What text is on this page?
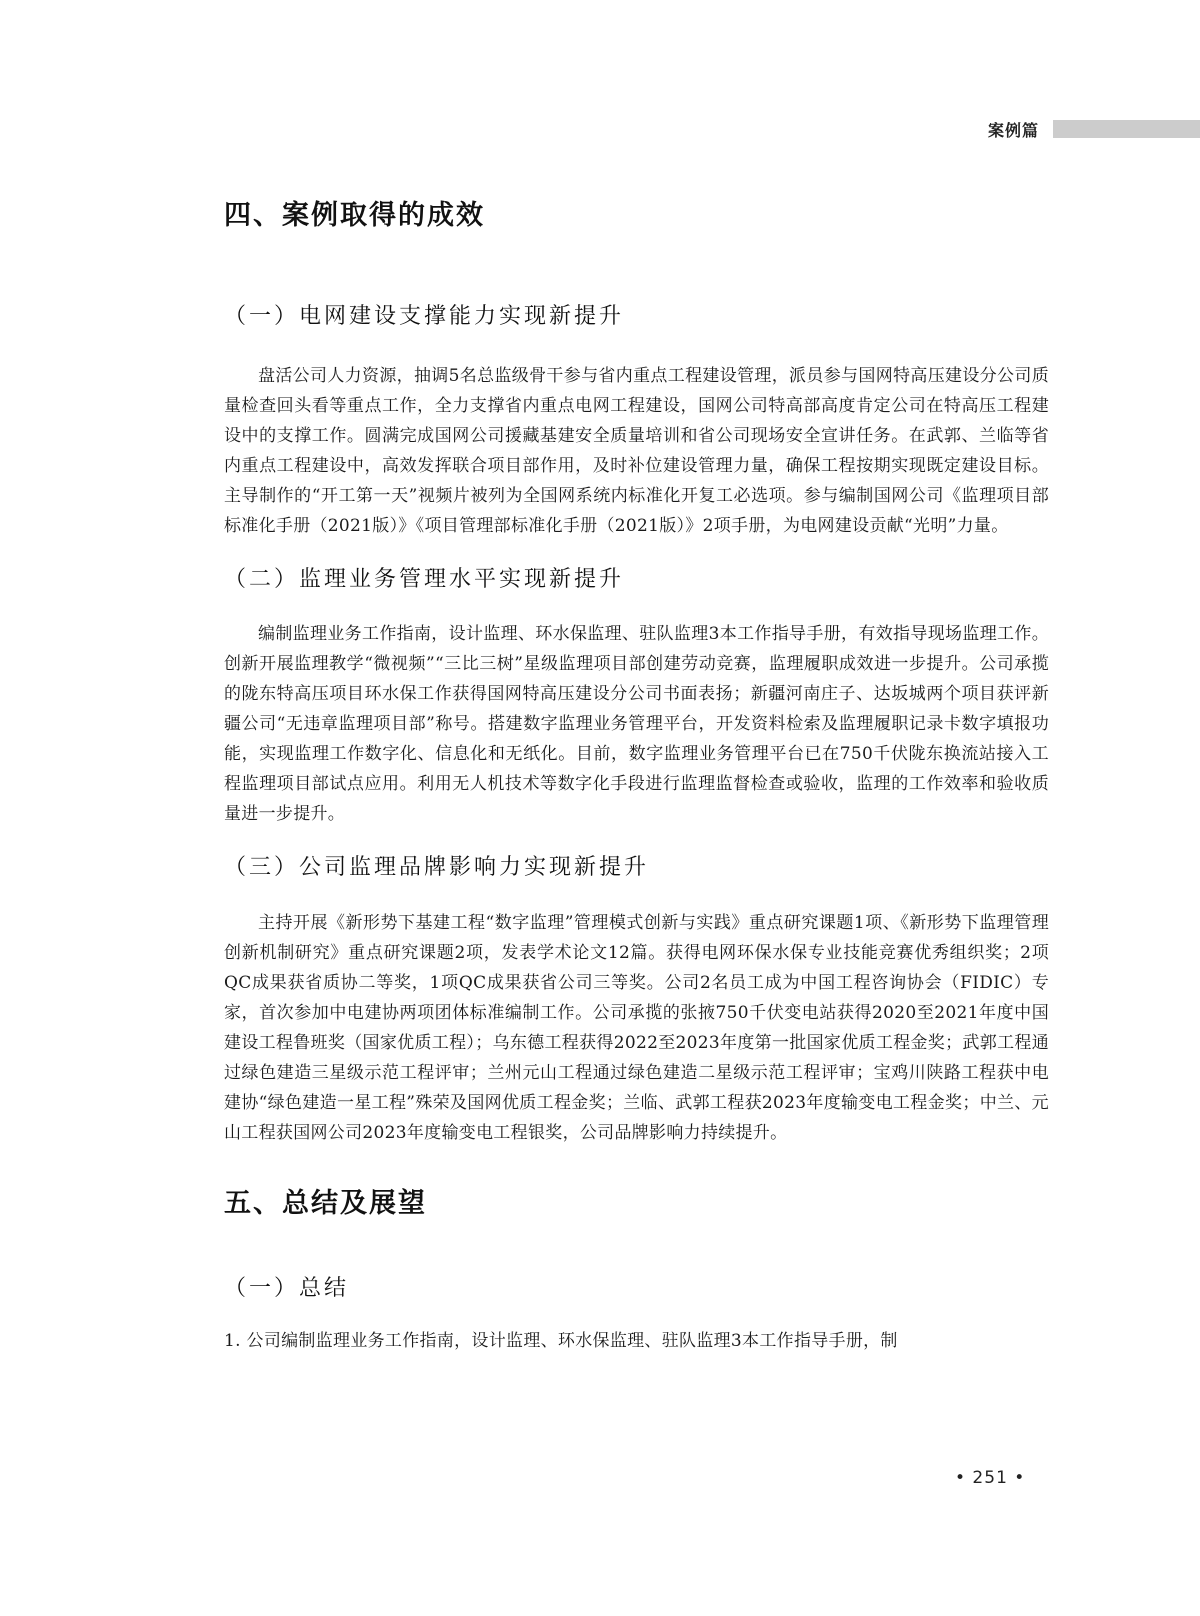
案例篇
四、案例取得的成效
（一）电网建设支撑能力实现新提升

盘活公司人力资源，抽调5名总监级骨干参与省内重点工程建设管理，派员参与国网特高压建设分公司质量检查回头看等重点工作，全力支撑省内重点电网工程建设，国网公司特高部高度肯定公司在特高压工程建设中的支撑工作。圆满完成国网公司援藏基建安全质量培训和省公司现场安全宣讲任务。在武郭、兰临等省内重点工程建设中，高效发挥联合项目部作用，及时补位建设管理力量，确保工程按期实现既定建设目标。主导制作的“开工第一天”视频片被列为全国网系统内标准化开复工必选项。参与编制国网公司《监理项目部标准化手册（2021版）》《项目管理部标准化手册（2021版）》2项手册，为电网建设贡献“光明”力量。

（二）监理业务管理水平实现新提升

编制监理业务工作指南，设计监理、环水保监理、驻队监理3本工作指导手册，有效指导现场监理工作。创新开展监理教学“微视频”“三比三树”星级监理项目部创建劳动竞赛，监理履职成效进一步提升。公司承揽的陇东特高压项目环水保工作获得国网特高压建设分公司书面表扬；新疆河南庄子、达坂城两个项目获评新疆公司“无违章监理项目部”称号。搭建数字监理业务管理平台，开发资料检索及监理履职记录卡数字填报功能，实现监理工作数字化、信息化和无纸化。目前，数字监理业务管理平台已在750千伏陇东换流站接入工程监理项目部试点应用。利用无人机技术等数字化手段进行监理监督检查或验收，监理的工作效率和验收质量进一步提升。

（三）公司监理品牌影响力实现新提升

主持开展《新形势下基建工程“数字监理”管理模式创新与实践》重点研究课题1项、《新形势下监理管理创新机制研究》重点研究课题2项，发表学术论文12篇。获得电网环保水保专业技能竞赛优秀组织奖；2项QC成果获省质协二等奖，1项QC成果获省公司三等奖。公司2名员工成为中国工程咨询协会（FIDIC）专家，首次参加中电建协两项团体标准编制工作。公司承揽的张掖750千伏变电站获得2020至2021年度中国建设工程鲁班奖（国家优质工程）；乌东德工程获得2022至2023年度第一批国家优质工程金奖；武郭工程通过绿色建造三星级示范工程评审；兰州元山工程通过绿色建造二星级示范工程评审；宝鸡川陕路工程获中电建协“绿色建造一星工程”殊荣及国网优质工程金奖；兰临、武郭工程获2023年度输变电工程金奖；中兰、元山工程获国网公司2023年度输变电工程银奖，公司品牌影响力持续提升。

五、总结及展望
（一）总结

1. 公司编制监理业务工作指南，设计监理、环水保监理、驻队监理3本工作指导手册，制

• 251 •
